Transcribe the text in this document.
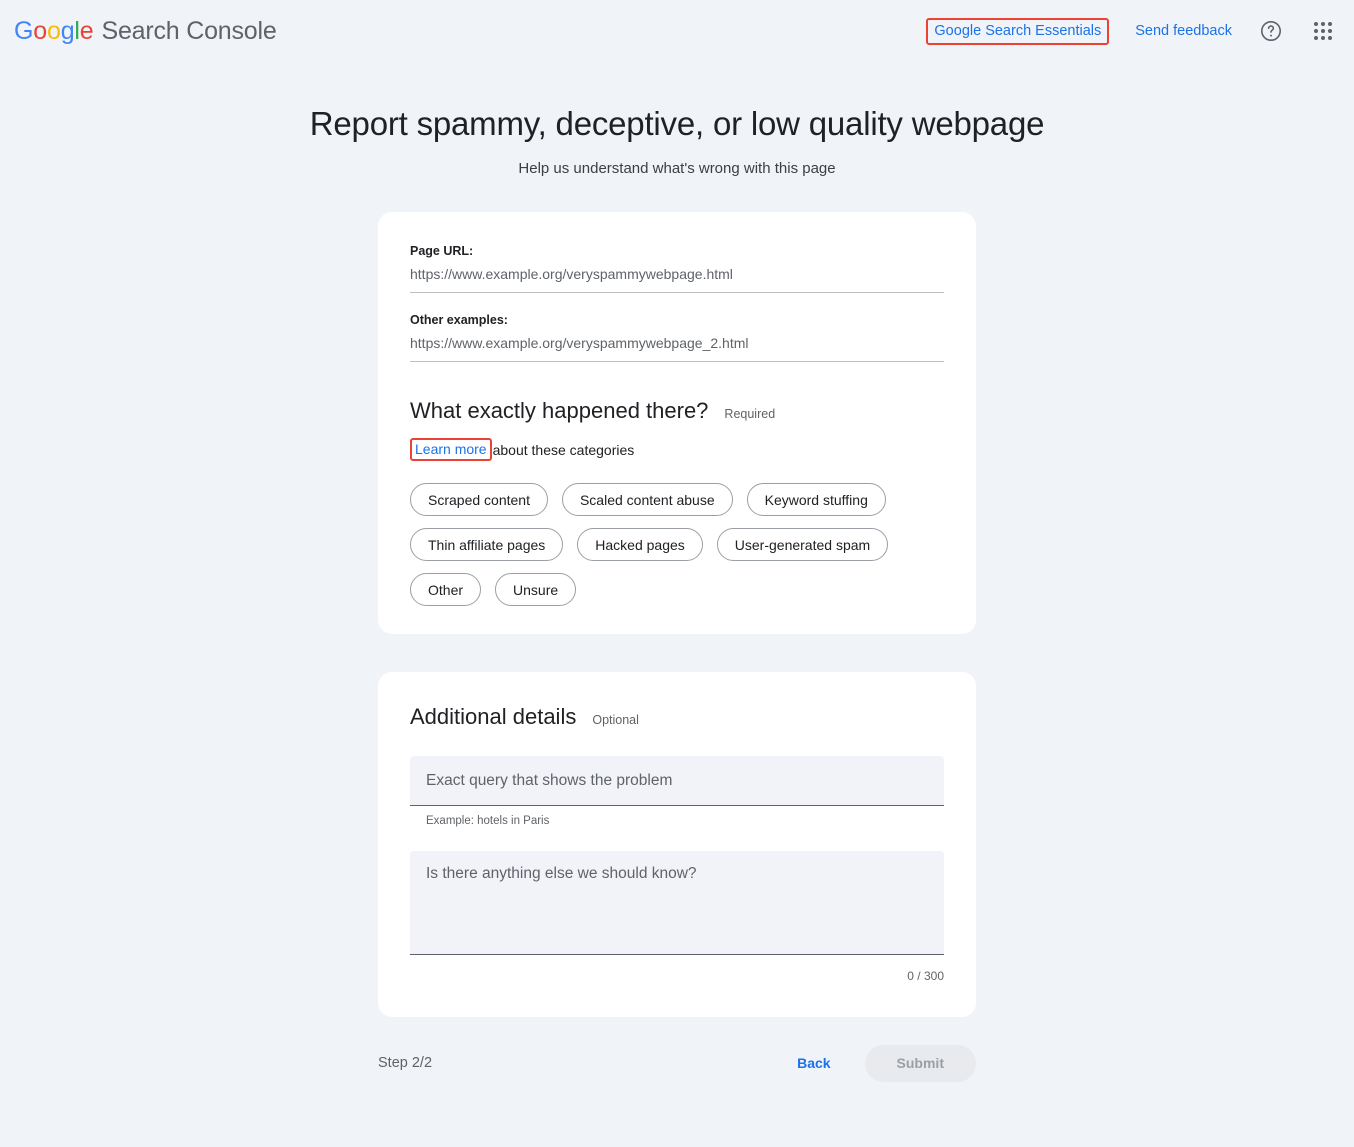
Google Search Console	Google Search Essentials Send feedback
Report spammy, deceptive, or low quality webpage

Help us understand what's wrong with this page

Page URL:
https://www.example.org/veryspammywebpage.html
Other examples:
https://www.example.org/veryspammywebpage_2.html
What exactly happened there? Required
Learn more about these categories
Scraped content	Scaled content abuse	Keyword stuffing
Thin affiliate pages	Hacked pages	User-generated spam
Other	Unsure
Additional details Optional
Exact query that shows the problem
Example: hotels in Paris
Is there anything else we should know?
0 / 300
Step 2/2	Back	Submit
